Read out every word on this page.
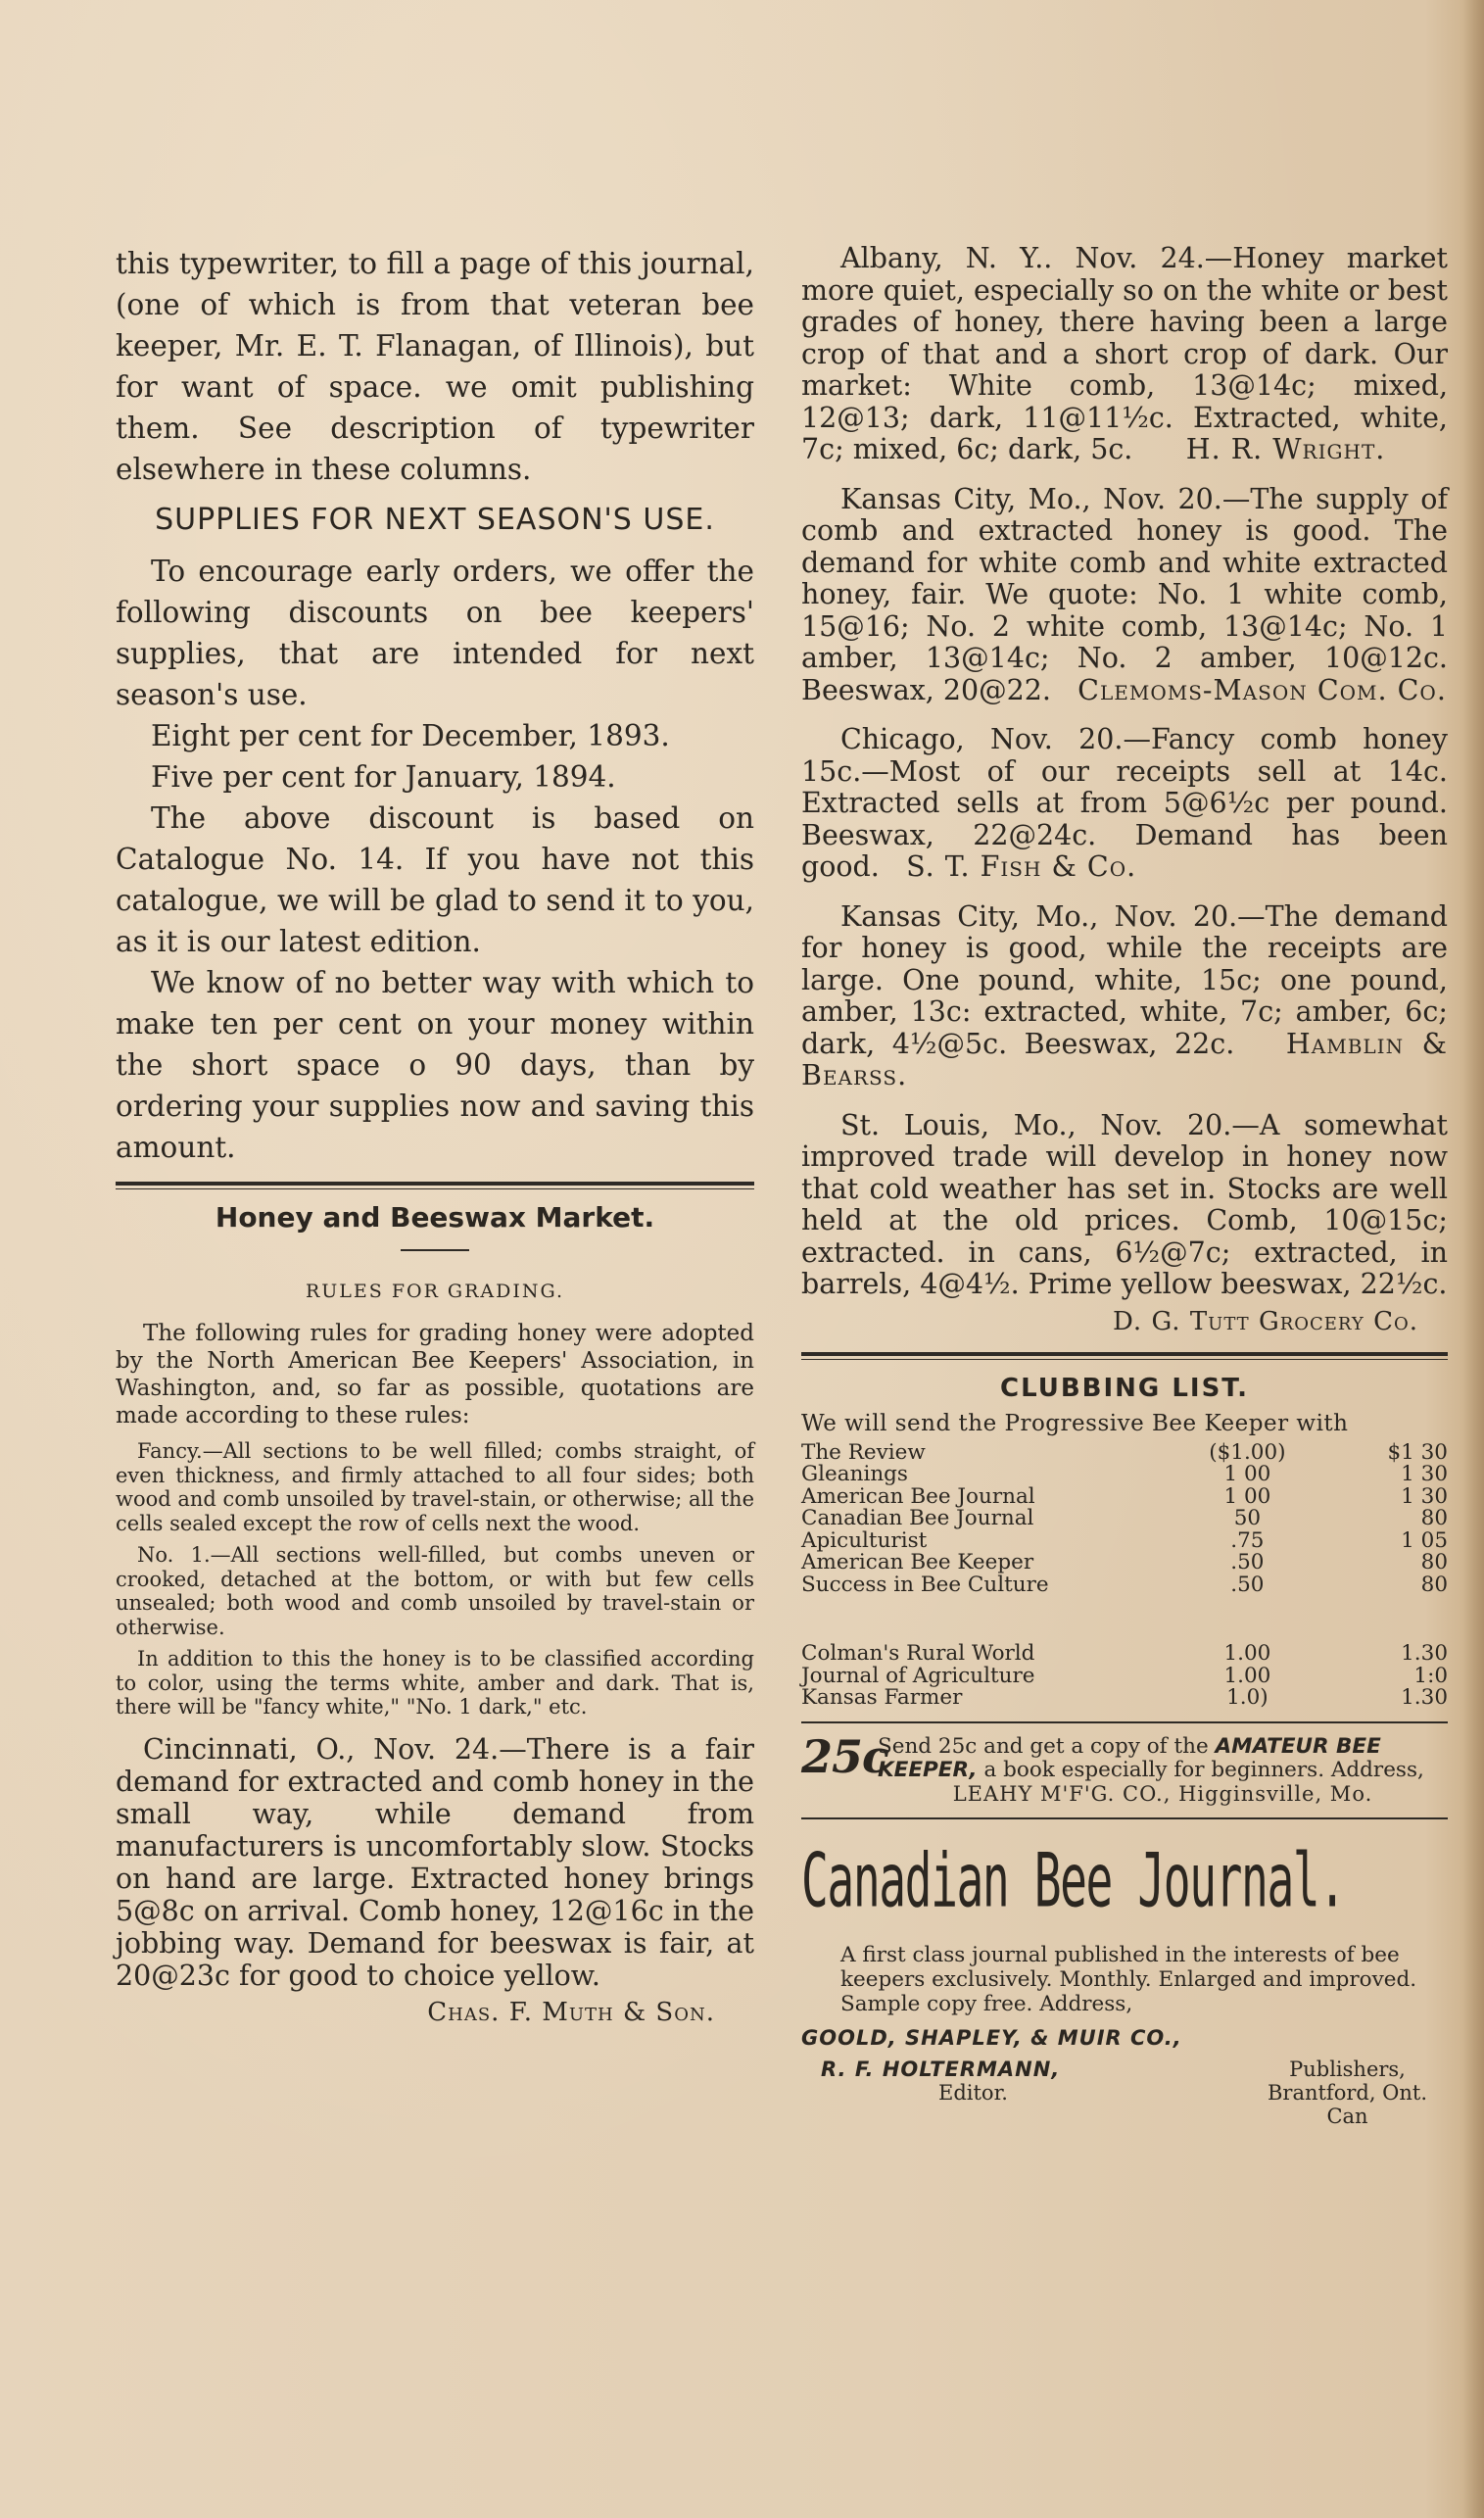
this typewriter, to fill a page of this journal, (one of which is from that veteran bee keeper, Mr. E. T. Flanagan, of Illinois), but for want of space. we omit publishing them. See description of typewriter elsewhere in these columns.

SUPPLIES FOR NEXT SEASON'S USE.

To encourage early orders, we offer the following discounts on bee keepers' supplies, that are intended for next season's use.

Eight per cent for December, 1893.

Five per cent for January, 1894.

The above discount is based on Catalogue No. 14. If you have not this catalogue, we will be glad to send it to you, as it is our latest edition.

We know of no better way with which to make ten per cent on your money within the short space o 90 days, than by ordering your supplies now and saving this amount.

Honey and Beeswax Market.
RULES FOR GRADING.

The following rules for grading honey were adopted by the North American Bee Keepers' Association, in Washington, and, so far as possible, quotations are made according to these rules:

Fancy.—All sections to be well filled; combs straight, of even thickness, and firmly attached to all four sides; both wood and comb unsoiled by travel-stain, or otherwise; all the cells sealed except the row of cells next the wood.

No. 1.—All sections well-filled, but combs uneven or crooked, detached at the bottom, or with but few cells unsealed; both wood and comb unsoiled by travel-stain or otherwise.

In addition to this the honey is to be classified according to color, using the terms white, amber and dark. That is, there will be "fancy white," "No. 1 dark," etc.

Cincinnati, O., Nov. 24.—There is a fair demand for extracted and comb honey in the small way, while demand from manufacturers is uncomfortably slow. Stocks on hand are large. Extracted honey brings 5@8c on arrival. Comb honey, 12@16c in the jobbing way. Demand for beeswax is fair, at 20@23c for good to choice yellow.

Chas. F. Muth & Son.

Albany, N. Y.. Nov. 24.—Honey market more quiet, especially so on the white or best grades of honey, there having been a large crop of that and a short crop of dark. Our market: White comb, 13@14c; mixed, 12@13; dark, 11@11½c. Extracted, white, 7c; mixed, 6c; dark, 5c. H. R. Wright.

Kansas City, Mo., Nov. 20.—The supply of comb and extracted honey is good. The demand for white comb and white extracted honey, fair. We quote: No. 1 white comb, 15@16; No. 2 white comb, 13@14c; No. 1 amber, 13@14c; No. 2 amber, 10@12c. Beeswax, 20@22. Clemoms-Mason Com. Co.

Chicago, Nov. 20.—Fancy comb honey 15c.—Most of our receipts sell at 14c. Extracted sells at from 5@6½c per pound. Beeswax, 22@24c. Demand has been good. S. T. Fish & Co.

Kansas City, Mo., Nov. 20.—The demand for honey is good, while the receipts are large. One pound, white, 15c; one pound, amber, 13c: extracted, white, 7c; amber, 6c; dark, 4½@5c. Beeswax, 22c. Hamblin & Bearss.

St. Louis, Mo., Nov. 20.—A somewhat improved trade will develop in honey now that cold weather has set in. Stocks are well held at the old prices. Comb, 10@15c; extracted. in cans, 6½@7c; extracted, in barrels, 4@4½. Prime yellow beeswax, 22½c.

D. G. Tutt Grocery Co.
CLUBBING LIST.
We will send the Progressive Bee Keeper with
The Review	($1.00)	$1 30
Gleanings	1 00	1 30
American Bee Journal	1 00	1 30
Canadian Bee Journal	50	80
Apiculturist	.75	1 05
American Bee Keeper	.50	80
Success in Bee Culture	.50	80
Colman's Rural World	1.00	1.30
Journal of Agriculture	1.00	1:0
Kansas Farmer	1.0)	1.30
25c
Send 25c and get a copy of the AMATEUR BEE KEEPER, a book especially for beginners. Address,
LEAHY M'F'G. CO., Higginsville, Mo.
Canadian Bee Journal.

A first class journal published in the interests of bee keepers exclusively. Monthly. Enlarged and improved. Sample copy free. Address,

GOOLD, SHAPLEY, & MUIR CO.,
R. F. HOLTERMANN,
Editor.
Publishers,
Brantford, Ont. Can
